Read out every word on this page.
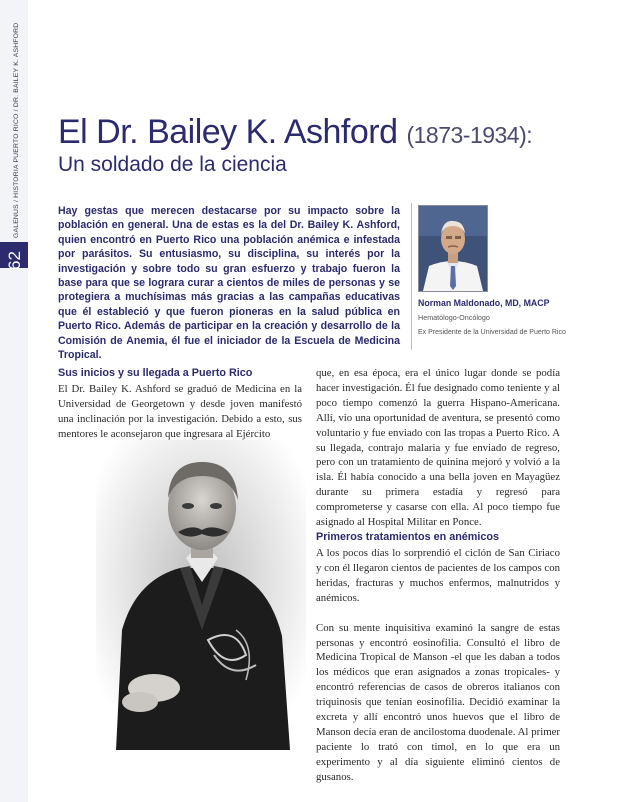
GALENUS / HISTORIA PUERTO RICO / DR. BAILEY K. ASHFORD
62
El Dr. Bailey K. Ashford (1873-1934):
Un soldado de la ciencia
Hay gestas que merecen destacarse por su impacto sobre la población en general. Una de estas es la del Dr. Bailey K. Ashford, quien encontró en Puerto Rico una población anémica e infestada por parásitos. Su entusiasmo, su disciplina, su interés por la investigación y sobre todo su gran esfuerzo y trabajo fueron la base para que se lograra curar a cientos de miles de personas y se protegiera a muchísimas más gracias a las campañas educativas que él estableció y que fueron pioneras en la salud pública en Puerto Rico. Además de participar en la creación y desarrollo de la Comisión de Anemia, él fue el iniciador de la Escuela de Medicina Tropical.
Norman Maldonado, MD, MACP
Hematólogo-Oncólogo
Ex Presidente de la Universidad de Puerto Rico
Sus inicios y su llegada a Puerto Rico

El Dr. Bailey K. Ashford se graduó de Medicina en la Universidad de Georgetown y desde joven manifestó una inclinación por la investigación. Debido a esto, sus mentores le aconsejaron que ingresara al Ejército

que, en esa época, era el único lugar donde se podía hacer investigación. Él fue designado como teniente y al poco tiempo comenzó la guerra Hispano-Americana. Allí, vio una oportunidad de aventura, se presentó como voluntario y fue enviado con las tropas a Puerto Rico. A su llegada, contrajo malaria y fue enviado de regreso, pero con un tratamiento de quinina mejoró y volvió a la isla. Él había conocido a una bella joven en Mayagüez durante su primera estadía y regresó para comprometerse y casarse con ella. Al poco tiempo fue asignado al Hospital Militar en Ponce.

Primeros tratamientos en anémicos

A los pocos días lo sorprendió el ciclón de San Ciriaco y con él llegaron cientos de pacientes de los campos con heridas, fracturas y muchos enfermos, malnutridos y anémicos.

Con su mente inquisitiva examinó la sangre de estas personas y encontró eosinofilia. Consultó el libro de Medicina Tropical de Manson -el que les daban a todos los médicos que eran asignados a zonas tropicales- y encontró referencias de casos de obreros italianos con triquinosis que tenían eosinofilia. Decidió examinar la excreta y allí encontró unos huevos que el libro de Manson decía eran de ancilostoma duodenale. Al primer paciente lo trató con timol, en lo que era un experimento y al día siguiente eliminó cientos de gusanos.
